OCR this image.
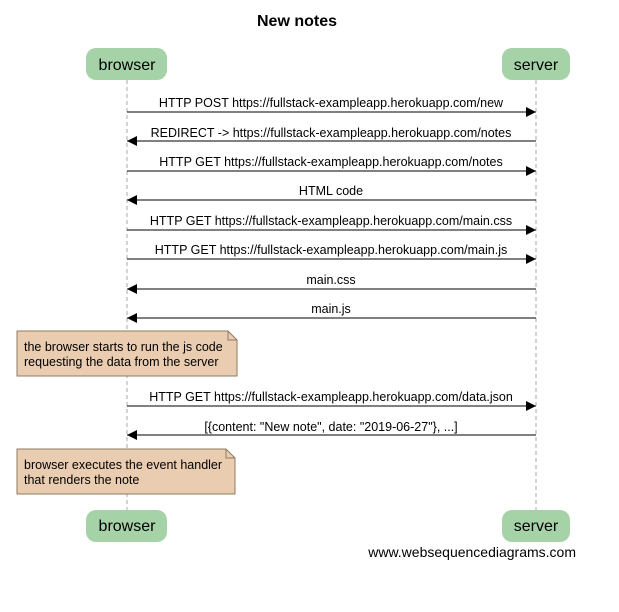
New notes
browser	server
HTTP POST https://fullstack-exampleapp.herokuapp.com/new
REDIRECT -> https://fullstack-exampleapp.herokuapp.com/notes
HTTP GET https://fullstack-exampleapp.herokuapp.com/notes
HTML code
HTTP GET https://fullstack-exampleapp.herokuapp.com/main.css
HTTP GET https://fullstack-exampleapp.herokuapp.com/main.js
main.css
main.js
the browser starts to run the js code
requesting the data from the server
HTTP GET https://fullstack-exampleapp.herokuapp.com/data.json
[{content: "New note", date: "2019-06-27"}, ...]
browser executes the event handler
that renders the note
browser	server
www.websequencediagrams.com
